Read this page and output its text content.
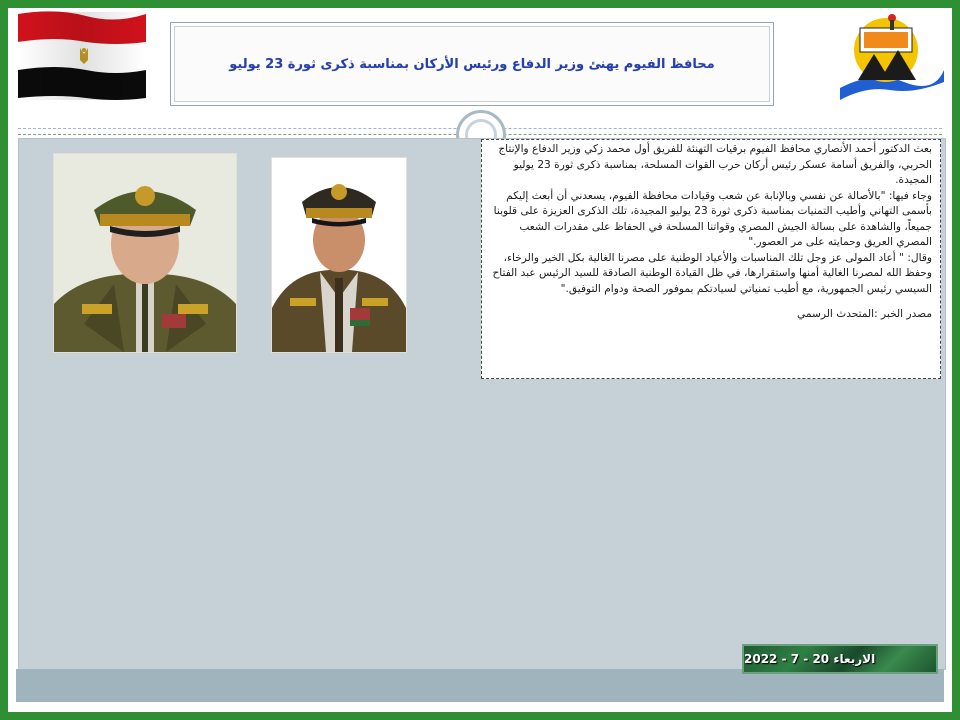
محافظ الفيوم يهنئ وزير الدفاع ورئيس الأركان بمناسبة ذكرى ثورة 23 يوليو

بعث الدكتور أحمد الأنصاري محافظ الفيوم برقيات التهنئة للفريق أول محمد زكي وزير الدفاع والإنتاج الحربي، والفريق أسامة عسكر رئيس أركان حرب القوات المسلحة، بمناسبة ذكرى ثورة 23 يوليو المجيدة.

وجاء فيها: "بالأصالة عن نفسي وبالإنابة عن شعب وقيادات محافظة الفيوم، يسعدني أن أبعث إليكم بأسمى التهاني وأطيب التمنيات بمناسبة ذكرى ثورة 23 يوليو المجيدة، تلك الذكرى العزيزة على قلوبنا جميعاً، والشاهدة على بسالة الجيش المصري وقواتنا المسلحة في الحفاظ على مقدرات الشعب المصري العريق وحمايته على مر العصور."

وقال: " أعاد المولى عز وجل تلك المناسبات والأعياد الوطنية على مصرنا الغالية بكل الخير والرخاء، وحفظ الله لمصرنا الغالية أمنها واستقرارها، في ظل القيادة الوطنية الصادقة للسيد الرئيس عبد الفتاح السيسي رئيس الجمهورية، مع أطيب تمنياتي لسيادتكم بموفور الصحة ودوام التوفيق."

مصدر الخبر :المتحدث الرسمي

الاربعاء 20 - 7 - 2022
